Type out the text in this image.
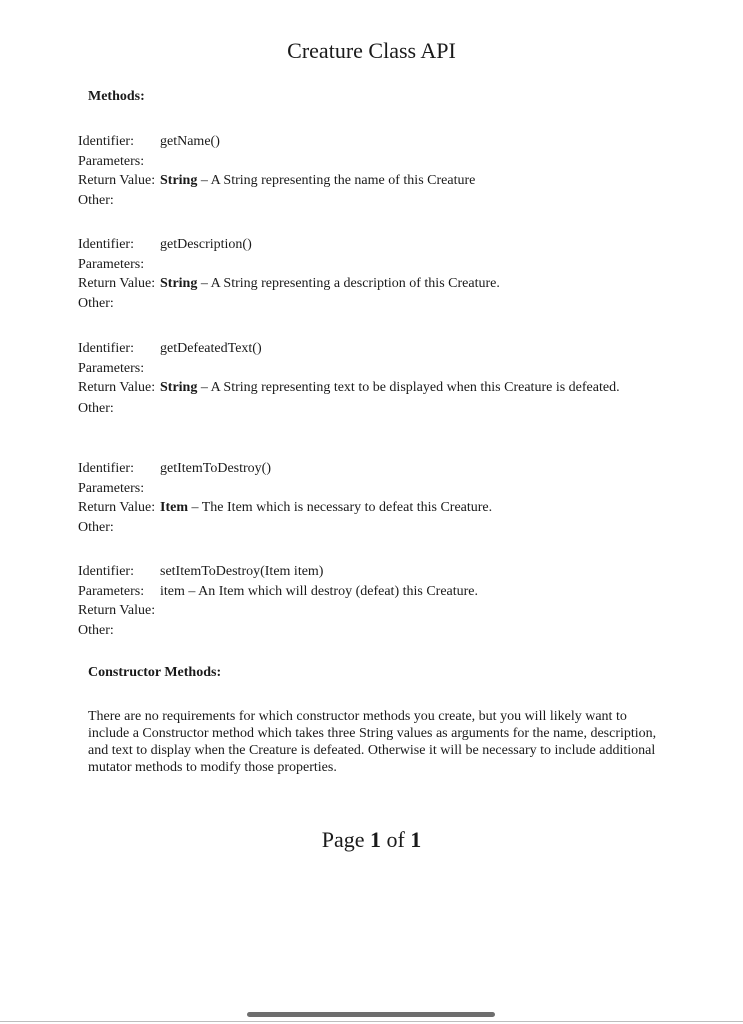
Creature Class API
Methods:
Identifier:	getName()
Parameters:
Return Value: String – A String representing the name of this Creature
Other:
Identifier:	getDescription()
Parameters:
Return Value: String – A String representing a description of this Creature.
Other:
Identifier:	getDefeatedText()
Parameters:
Return Value: String – A String representing text to be displayed when this Creature is defeated.
Other:
Identifier:	getItemToDestroy()
Parameters:
Return Value: Item – The Item which is necessary to defeat this Creature.
Other:
Identifier:	setItemToDestroy(Item item)
Parameters:	item – An Item which will destroy (defeat) this Creature.
Return Value:
Other:
Constructor Methods:
There are no requirements for which constructor methods you create, but you will likely want to include a Constructor method which takes three String values as arguments for the name, description, and text to display when the Creature is defeated. Otherwise it will be necessary to include additional mutator methods to modify those properties.
Page 1 of 1
